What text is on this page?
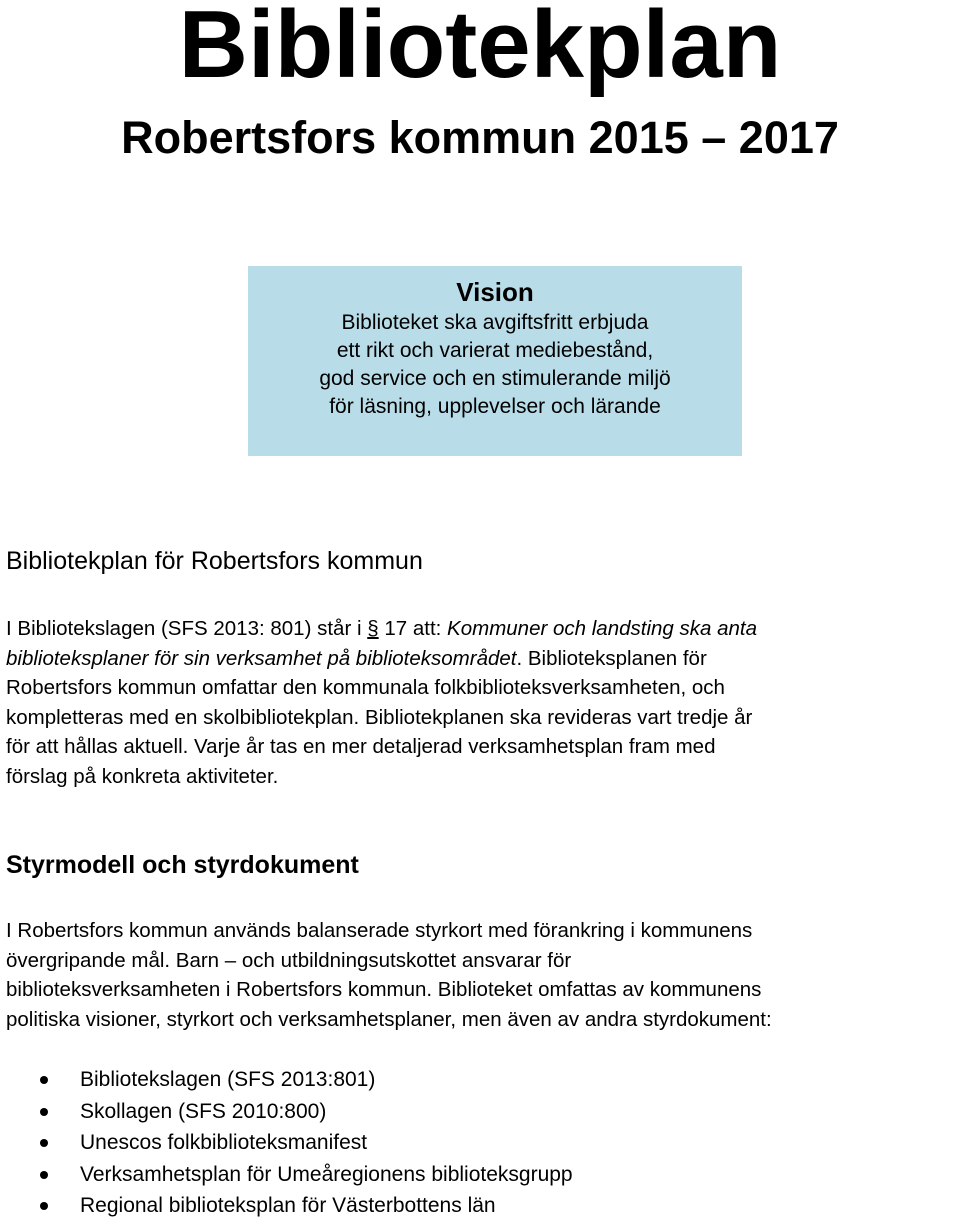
Bibliotekplan
Robertsfors kommun 2015 – 2017
Vision
Biblioteket ska avgiftsfritt erbjuda
ett rikt och varierat mediebestånd,
god service och en stimulerande miljö
för läsning, upplevelser och lärande
Bibliotekplan för Robertsfors kommun
I Bibliotekslagen (SFS 2013: 801) står i § 17 att: Kommuner och landsting ska anta
biblioteksplaner för sin verksamhet på biblioteksområdet. Biblioteksplanen för
Robertsfors kommun omfattar den kommunala folkbiblioteksverksamheten, och
kompletteras med en skolbibliotekplan. Bibliotekplanen ska revideras vart tredje år
för att hållas aktuell. Varje år tas en mer detaljerad verksamhetsplan fram med
förslag på konkreta aktiviteter.
Styrmodell och styrdokument
I Robertsfors kommun används balanserade styrkort med förankring i kommunens
övergripande mål. Barn – och utbildningsutskottet ansvarar för
biblioteksverksamheten i Robertsfors kommun. Biblioteket omfattas av kommunens
politiska visioner, styrkort och verksamhetsplaner, men även av andra styrdokument:
Bibliotekslagen (SFS 2013:801)
Skollagen (SFS 2010:800)
Unescos folkbiblioteksmanifest
Verksamhetsplan för Umeåregionens biblioteksgrupp
Regional biblioteksplan för Västerbottens län
